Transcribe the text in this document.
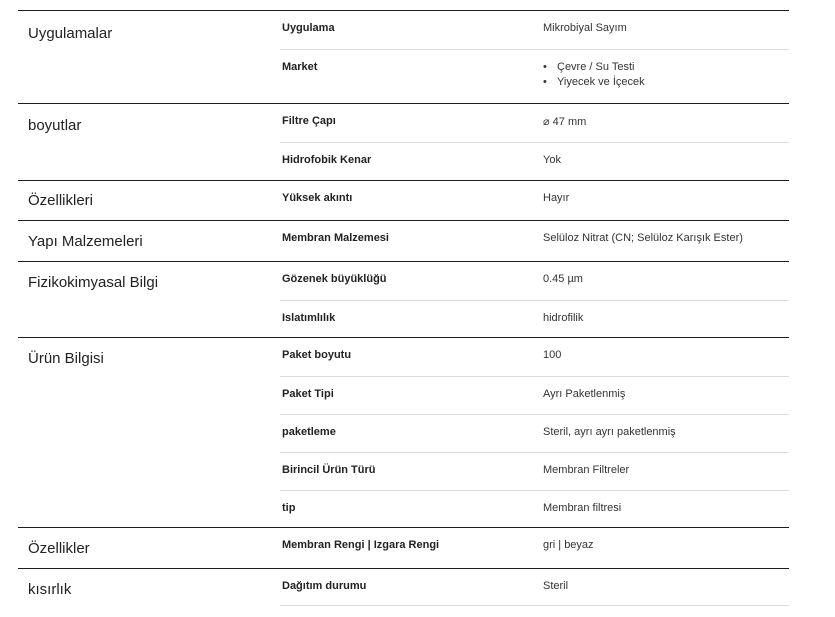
Uygulamalar	Uygulama	Mikrobiyal Sayım
Market
•	Çevre / Su Testi
• Yiyecek ve İçecek
boyutlar	Filtre Çapı	⌀ 47 mm
Hidrofobik Kenar	Yok
Özellikleri	Yüksek akıntı	Hayır
Yapı Malzemeleri	Membran Malzemesi	Selüloz Nitrat (CN; Selüloz Karışık Ester)
Fizikokimyasal Bilgi	Gözenek büyüklüğü	0.45 µm
Islatımlılık	hidrofilik
Ürün Bilgisi	Paket boyutu	100
Paket Tipi	Ayrı Paketlenmiş
paketleme	Steril, ayrı ayrı paketlenmiş
Birincil Ürün Türü	Membran Filtreler
tip	Membran filtresi
Özellikler	Membran Rengi | Izgara Rengi	gri | beyaz
kısırlık	Dağıtım durumu	Steril
